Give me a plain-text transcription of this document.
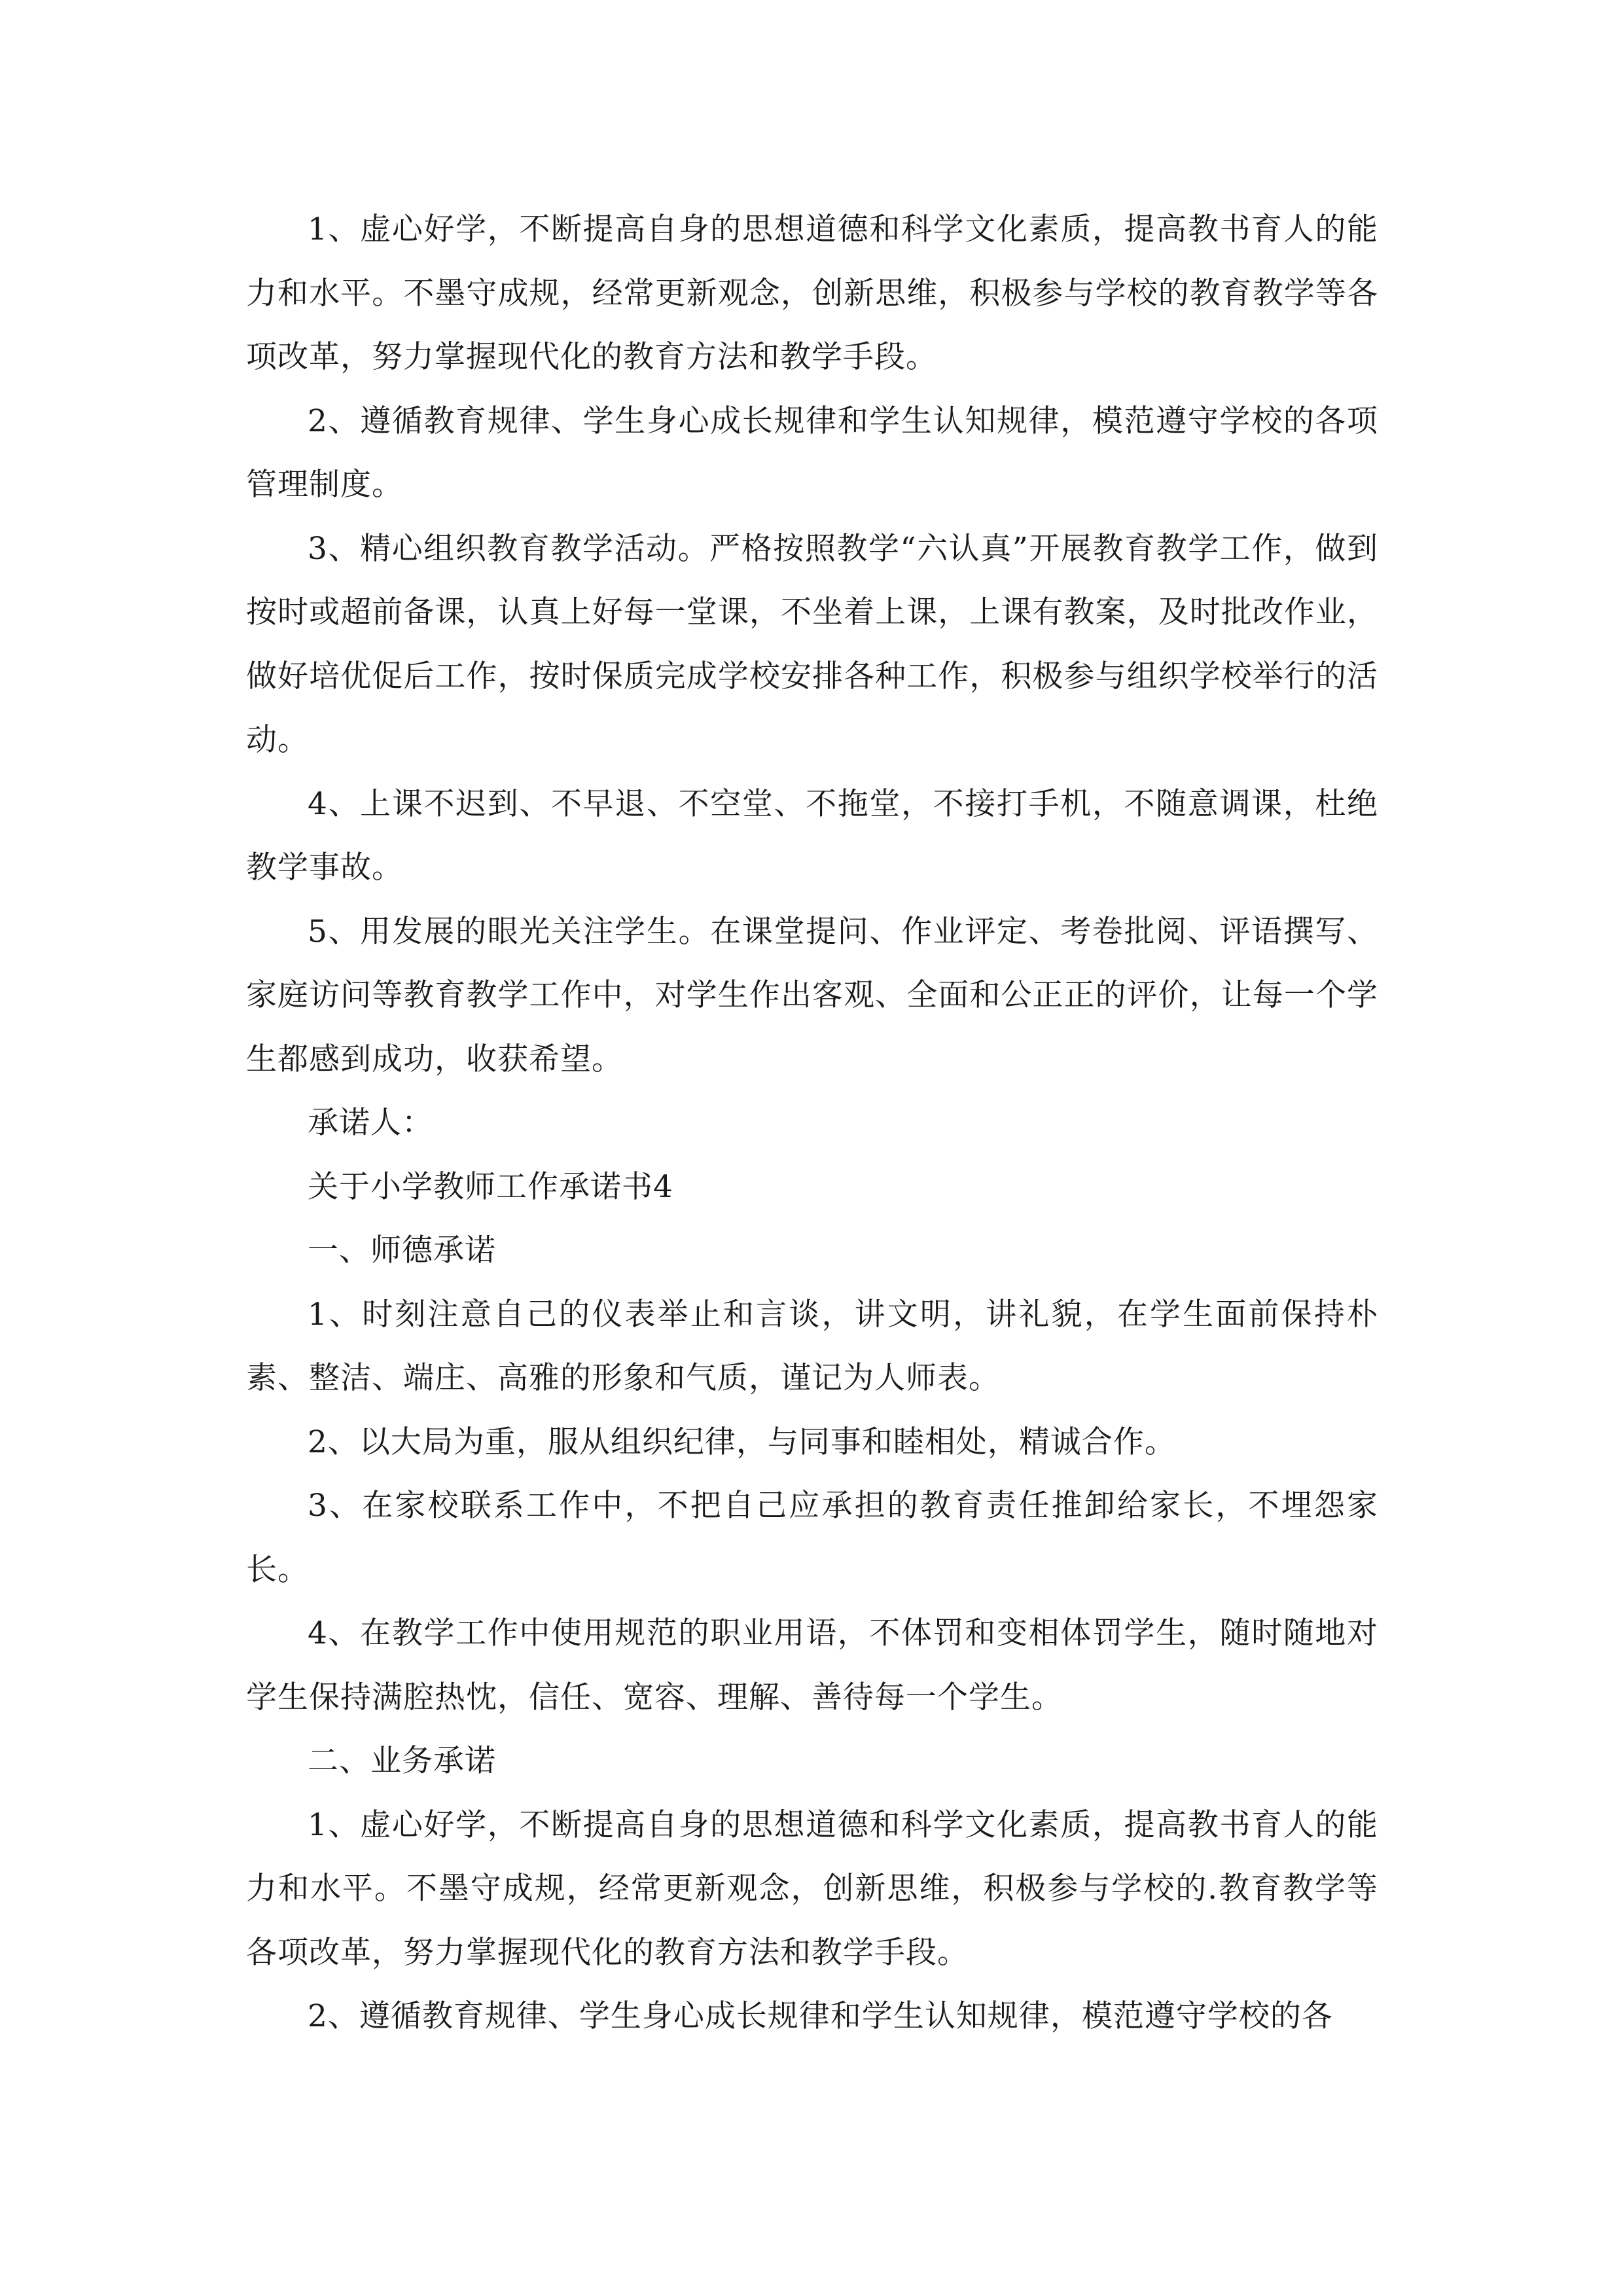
1、虚心好学，不断提高自身的思想道德和科学文化素质，提高教书育人的能力和水平。不墨守成规，经常更新观念，创新思维，积极参与学校的教育教学等各项改革，努力掌握现代化的教育方法和教学手段。

2、遵循教育规律、学生身心成长规律和学生认知规律，模范遵守学校的各项管理制度。

3、精心组织教育教学活动。严格按照教学“六认真”开展教育教学工作，做到按时或超前备课，认真上好每一堂课，不坐着上课，上课有教案，及时批改作业，做好培优促后工作，按时保质完成学校安排各种工作，积极参与组织学校举行的活动。

4、上课不迟到、不早退、不空堂、不拖堂，不接打手机，不随意调课，杜绝教学事故。

5、用发展的眼光关注学生。在课堂提问、作业评定、考卷批阅、评语撰写、家庭访问等教育教学工作中，对学生作出客观、全面和公正正的评价，让每一个学生都感到成功，收获希望。

承诺人：

关于小学教师工作承诺书4

一、师德承诺

1、时刻注意自己的仪表举止和言谈，讲文明，讲礼貌，在学生面前保持朴素、整洁、端庄、高雅的形象和气质，谨记为人师表。

2、以大局为重，服从组织纪律，与同事和睦相处，精诚合作。

3、在家校联系工作中，不把自己应承担的教育责任推卸给家长，不埋怨家长。

4、在教学工作中使用规范的职业用语，不体罚和变相体罚学生，随时随地对学生保持满腔热忱，信任、宽容、理解、善待每一个学生。

二、业务承诺

1、虚心好学，不断提高自身的思想道德和科学文化素质，提高教书育人的能力和水平。不墨守成规，经常更新观念，创新思维，积极参与学校的.教育教学等各项改革，努力掌握现代化的教育方法和教学手段。

2、遵循教育规律、学生身心成长规律和学生认知规律，模范遵守学校的各
